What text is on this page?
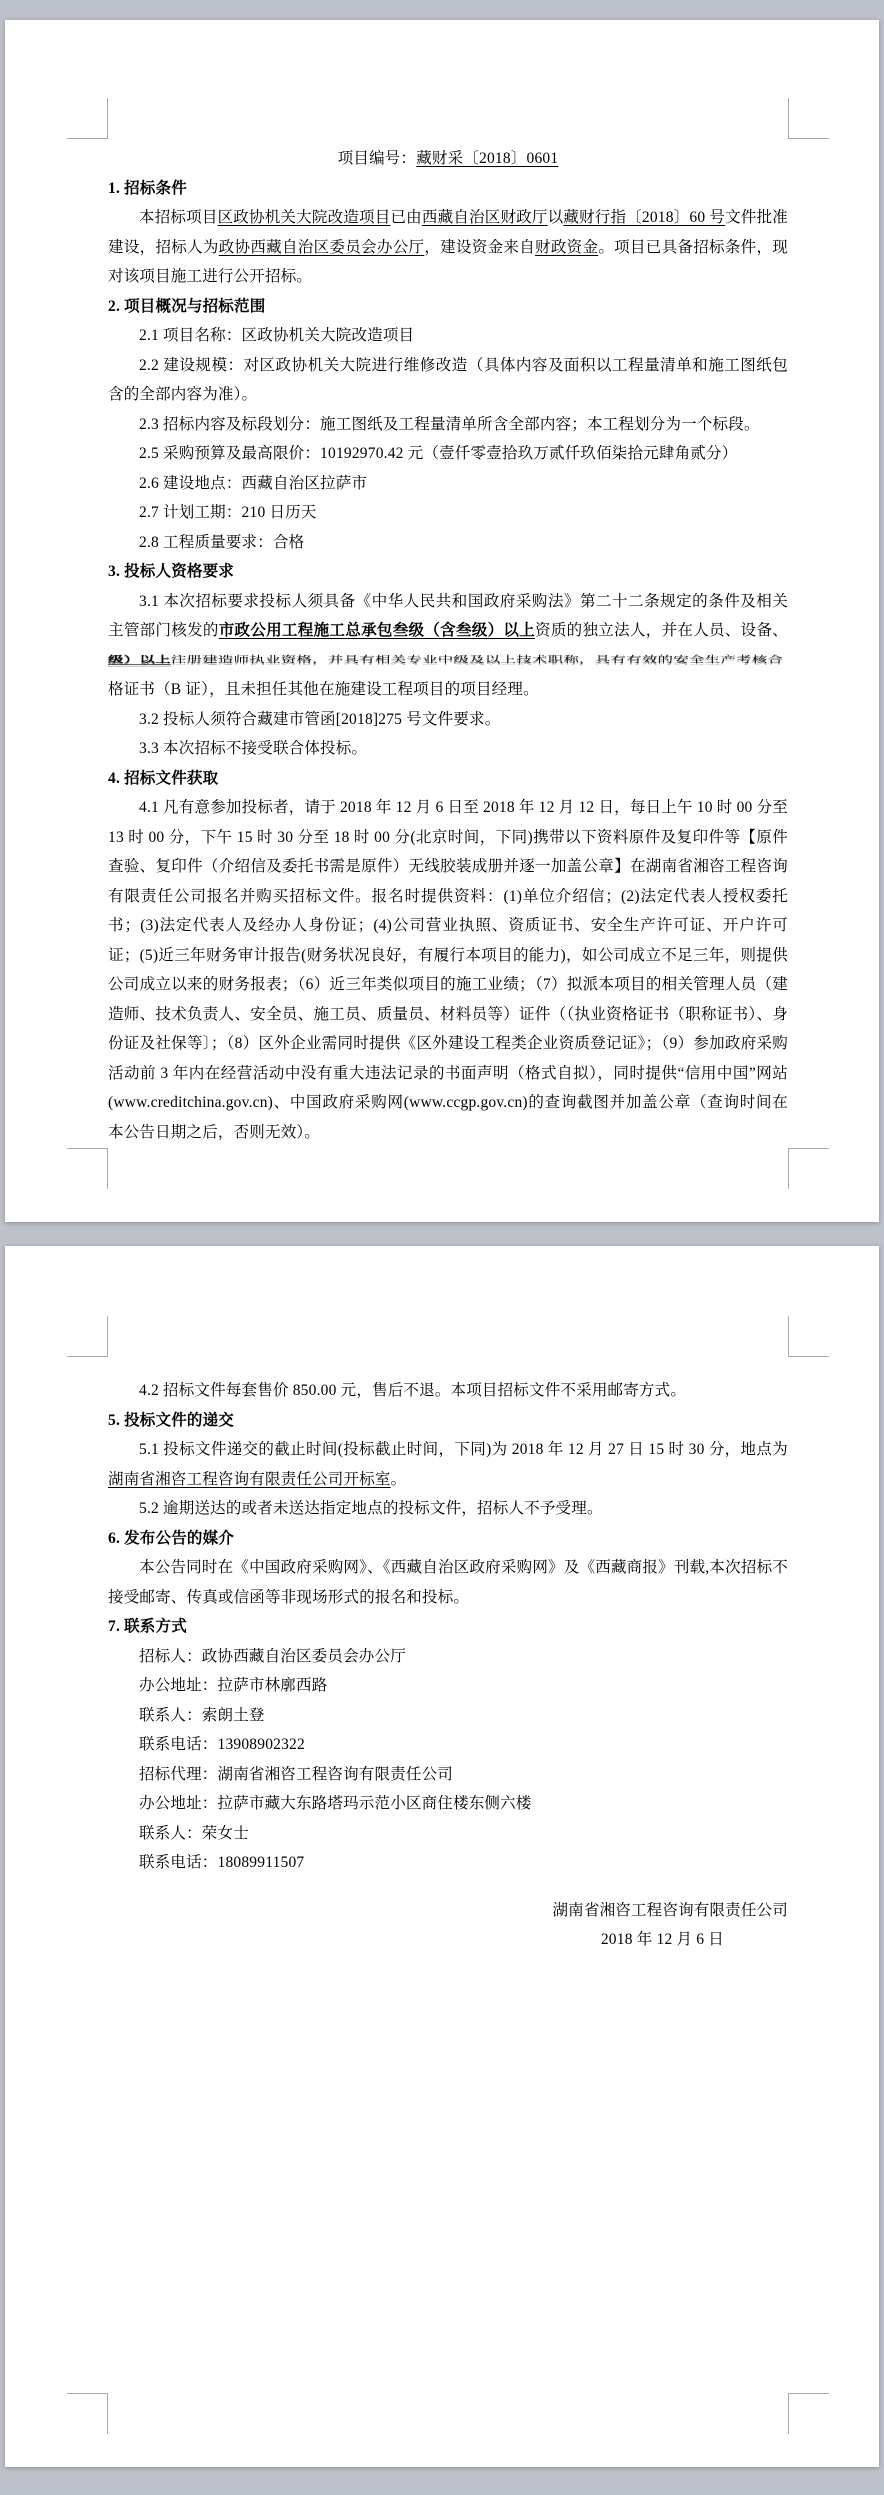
项目编号：藏财采〔2018〕0601
1. 招标条件
本招标项目区政协机关大院改造项目已由西藏自治区财政厅以藏财行指〔2018〕60 号文件批准建设，招标人为政协西藏自治区委员会办公厅，建设资金来自财政资金。项目已具备招标条件，现对该项目施工进行公开招标。
2. 项目概况与招标范围
2.1 项目名称：区政协机关大院改造项目
2.2 建设规模：对区政协机关大院进行维修改造（具体内容及面积以工程量清单和施工图纸包含的全部内容为准）。
2.3 招标内容及标段划分：施工图纸及工程量清单所含全部内容；本工程划分为一个标段。
2.5 采购预算及最高限价：10192970.42 元（壹仟零壹拾玖万贰仟玖佰柒拾元肆角贰分）
2.6 建设地点：西藏自治区拉萨市
2.7 计划工期：210 日历天
2.8 工程质量要求：合格
3. 投标人资格要求
3.1 本次招标要求投标人须具备《中华人民共和国政府采购法》第二十二条规定的条件及相关
主管部门核发的市政公用工程施工总承包叁级（含叁级）以上资质的独立法人，并在人员、设备、
级）以上注册建造师执业资格，并具有相关专业中级及以上技术职称，具有有效的安全生产考核合
格证书（B 证），且未担任其他在施建设工程项目的项目经理。
3.2 投标人须符合藏建市管函[2018]275 号文件要求。
3.3 本次招标不接受联合体投标。
4. 招标文件获取
4.1 凡有意参加投标者，请于 2018 年 12 月 6 日至 2018 年 12 月 12 日，每日上午 10 时 00 分至 13 时 00 分，下午 15 时 30 分至 18 时 00 分(北京时间，下同)携带以下资料原件及复印件等【原件查验、复印件（介绍信及委托书需是原件）无线胶装成册并逐一加盖公章】在湖南省湘咨工程咨询有限责任公司报名并购买招标文件。报名时提供资料：(1)单位介绍信；(2)法定代表人授权委托书；(3)法定代表人及经办人身份证；(4)公司营业执照、资质证书、安全生产许可证、开户许可证；(5)近三年财务审计报告(财务状况良好，有履行本项目的能力)，如公司成立不足三年，则提供公司成立以来的财务报表；（6）近三年类似项目的施工业绩；（7）拟派本项目的相关管理人员（建造师、技术负责人、安全员、施工员、质量员、材料员等）证件（（执业资格证书（职称证书）、身份证及社保等〕；（8）区外企业需同时提供《区外建设工程类企业资质登记证》；（9）参加政府采购活动前 3 年内在经营活动中没有重大违法记录的书面声明（格式自拟），同时提供“信用中国”网站(www.creditchina.gov.cn)、中国政府采购网(www.ccgp.gov.cn)的查询截图并加盖公章（查询时间在本公告日期之后，否则无效）。
4.2 招标文件每套售价 850.00 元，售后不退。本项目招标文件不采用邮寄方式。
5. 投标文件的递交
5.1 投标文件递交的截止时间(投标截止时间，下同)为 2018 年 12 月 27 日 15 时 30 分，地点为湖南省湘咨工程咨询有限责任公司开标室。
5.2 逾期送达的或者未送达指定地点的投标文件，招标人不予受理。
6. 发布公告的媒介
本公告同时在《中国政府采购网》、《西藏自治区政府采购网》及《西藏商报》刊载,本次招标不接受邮寄、传真或信函等非现场形式的报名和投标。
7. 联系方式
招标人：政协西藏自治区委员会办公厅
办公地址：拉萨市林廓西路
联系人：索朗土登
联系电话：13908902322
招标代理：湖南省湘咨工程咨询有限责任公司
办公地址：拉萨市藏大东路塔玛示范小区商住楼东侧六楼
联系人：荣女士
联系电话：18089911507
湖南省湘咨工程咨询有限责任公司
2018 年 12 月 6 日
